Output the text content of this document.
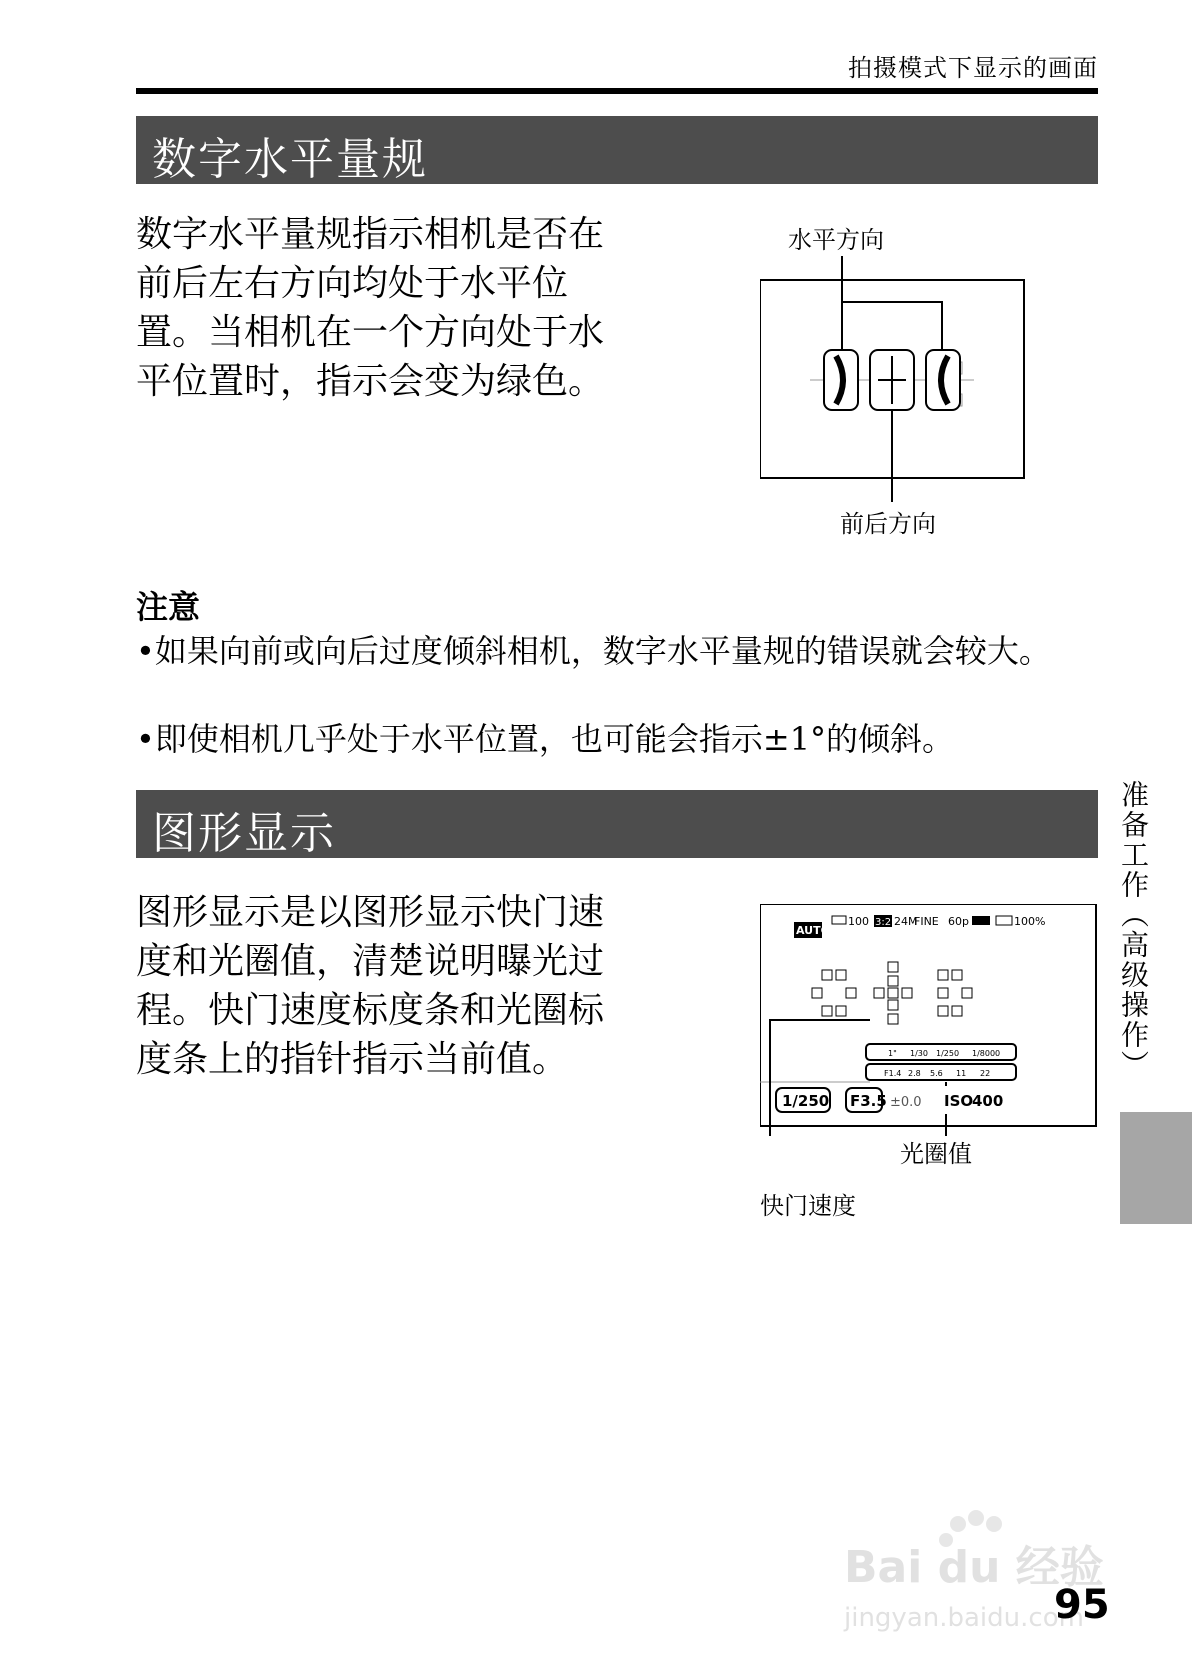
拍摄模式下显示的画面
数字水平量规
数字水平量规指示相机是否在
前后左右方向均处于水平位
置。当相机在一个方向处于水
平位置时，指示会变为绿色。
水平方向
前后方向
注意
•如果向前或向后过度倾斜相机，数字水平量规的错误就会较大。
•即使相机几乎处于水平位置，也可能会指示±1°的倾斜。
图形显示
图形显示是以图形显示快门速
度和光圈值，清楚说明曝光过
程。快门速度标度条和光圈标
度条上的指针指示当前值。
AUTO
100 3:2 24M
FINE 60p	100%
1" 1/30 1/250 1/8000
F1.4 2.8 5.6 11 22
1/250 F3.5 ±0.0 ISO
400
光圈值
快门速度
准备工作（高级操作）
Bai du 经验
jingyan.baidu.com
95
